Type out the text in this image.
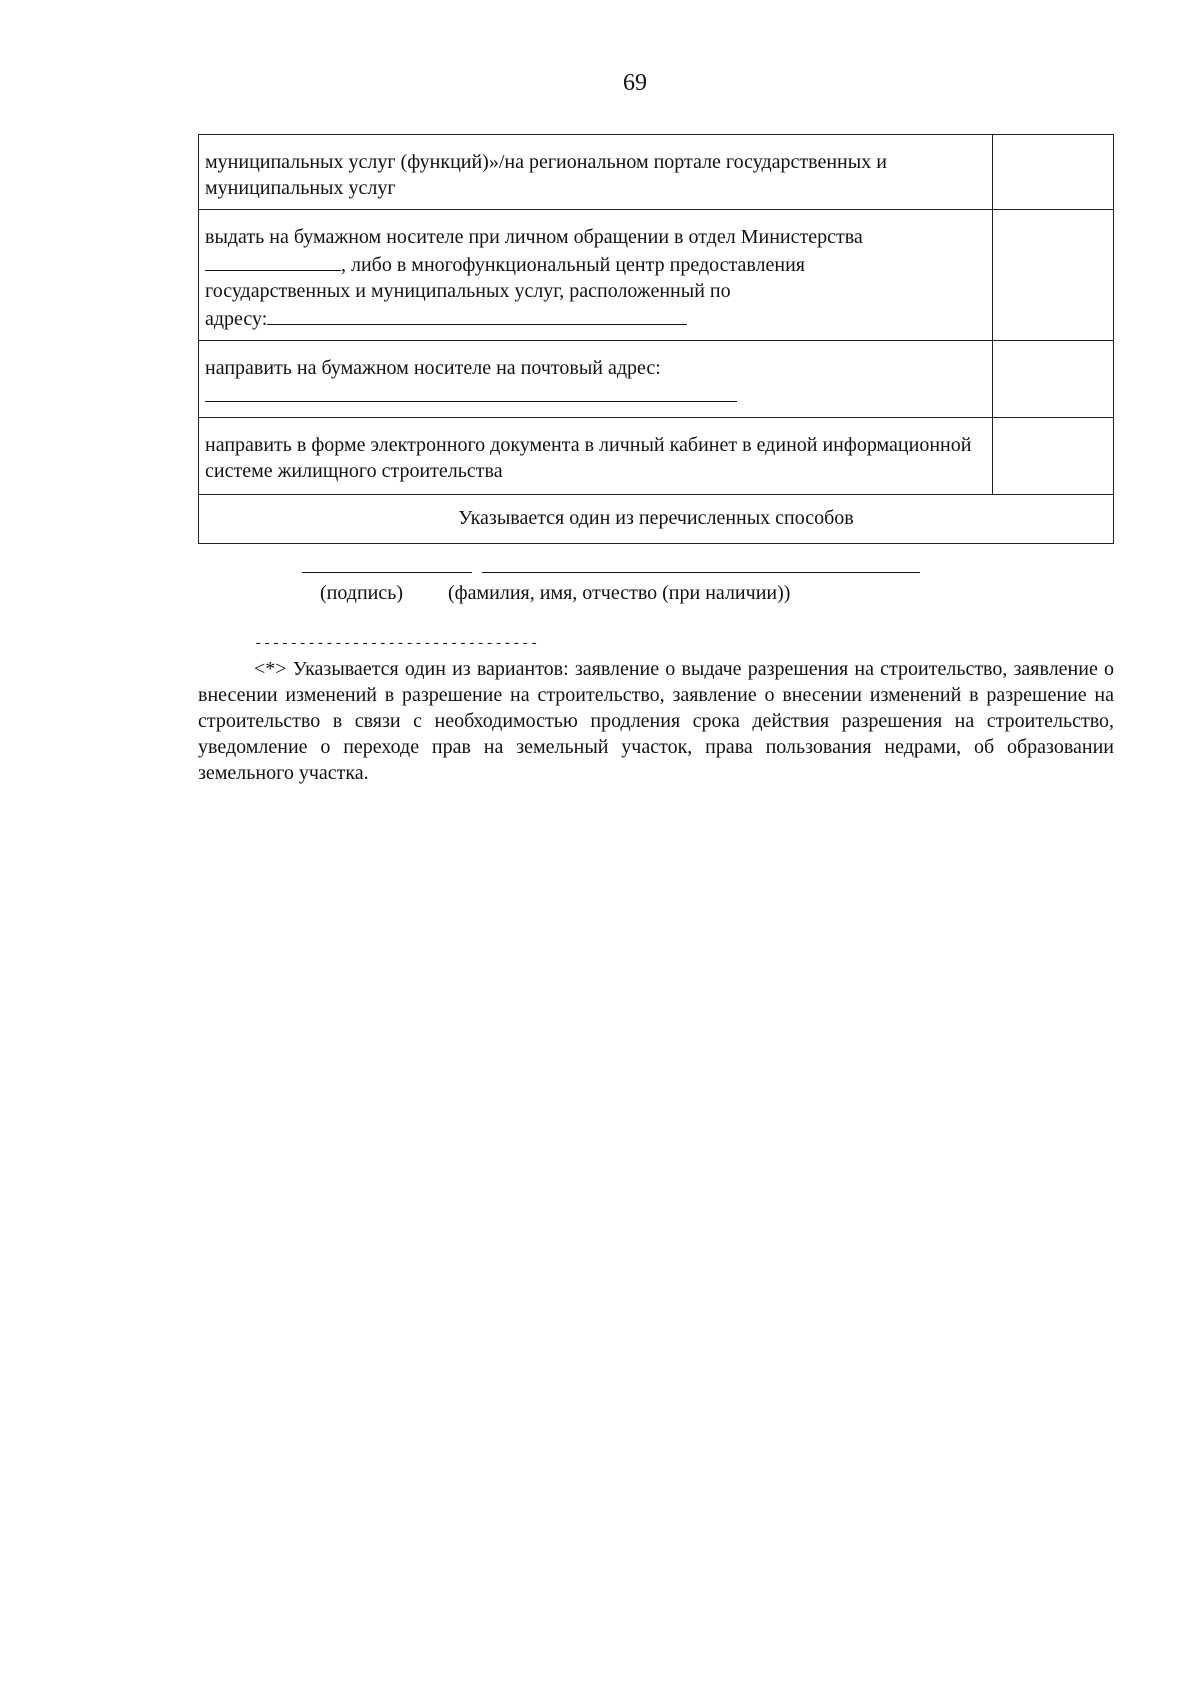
69
муниципальных услуг (функций)»/на региональном портале государственных и муниципальных услуг	
выдать на бумажном носителе при личном обращении в отдел Министерства
, либо в многофункциональный центр предоставления
государственных и муниципальных услуг, расположенный по
адресу:	
направить на бумажном носителе на почтовый адрес:

направить в форме электронного документа в личный кабинет в единой информационной системе жилищного строительства	
Указывается один из перечисленных способов	
(подпись) (фамилия, имя, отчество (при наличии))
--------------------------------
<*> Указывается один из вариантов: заявление о выдаче разрешения на строительство, заявление о внесении изменений в разрешение на строительство, заявление о внесении изменений в разрешение на строительство в связи с необходимостью продления срока действия разрешения на строительство, уведомление о переходе прав на земельный участок, права пользования недрами, об образовании земельного участка.
